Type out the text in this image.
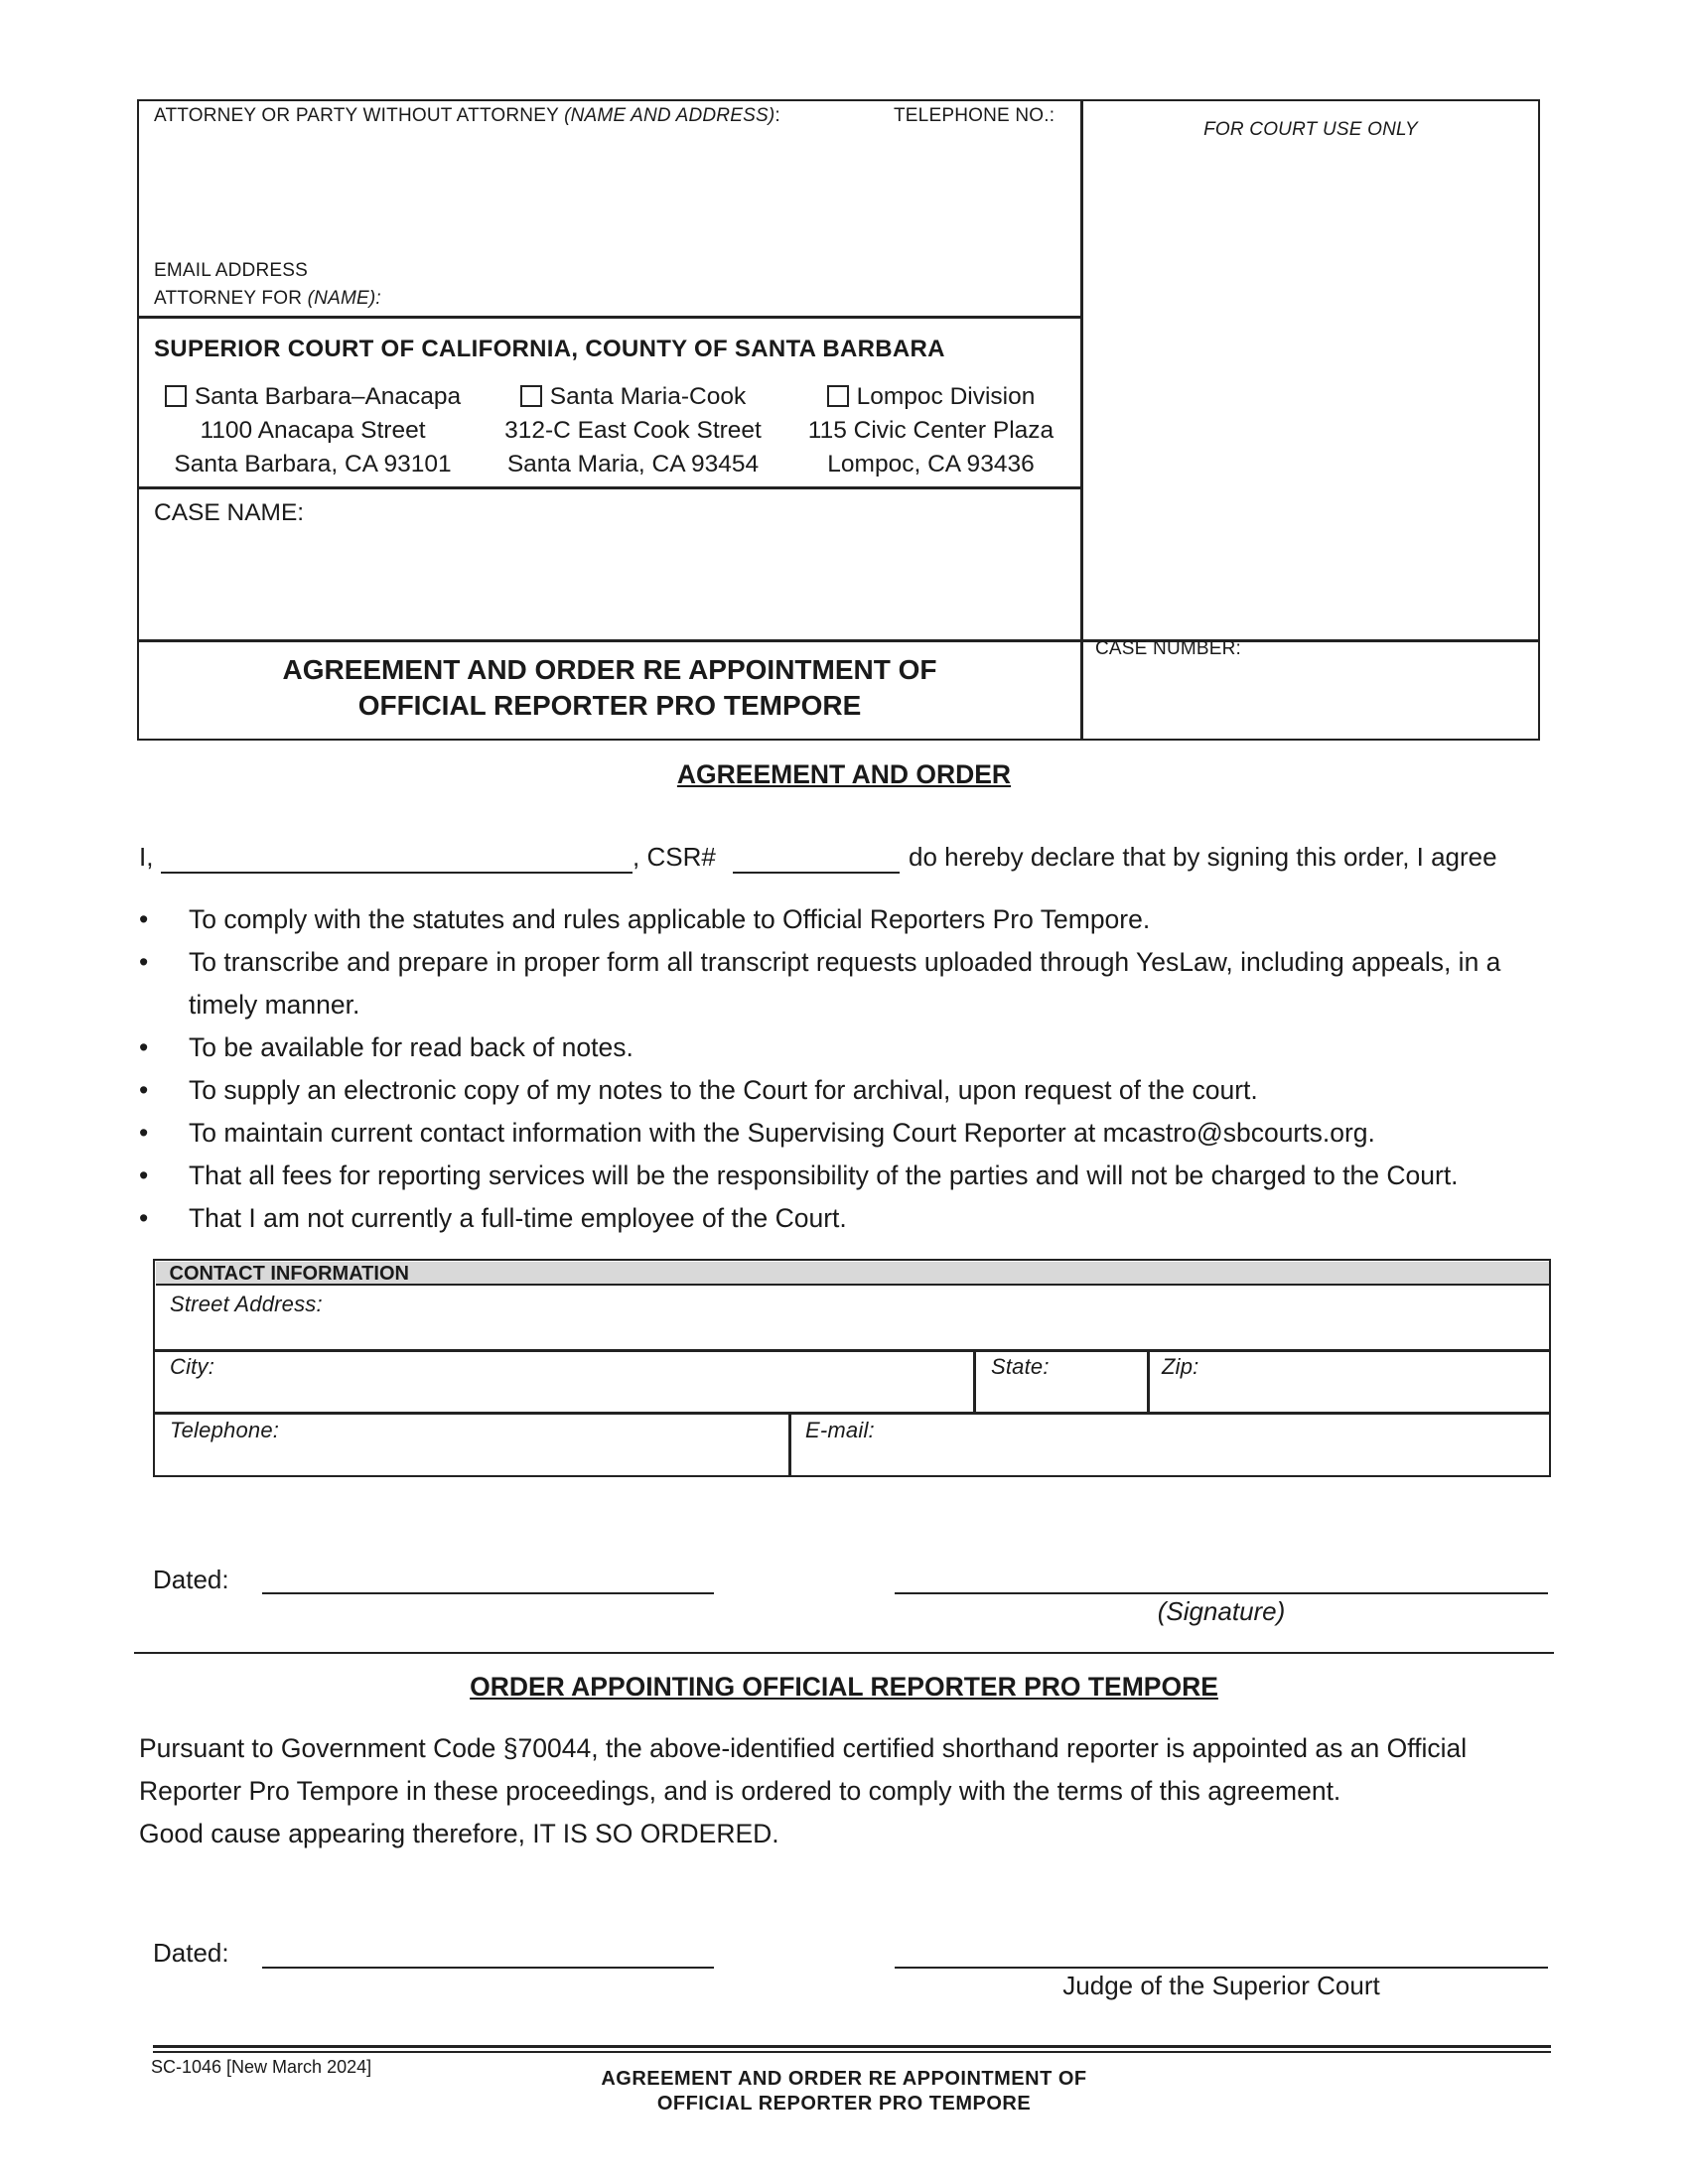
ATTORNEY OR PARTY WITHOUT ATTORNEY (NAME AND ADDRESS):	TELEPHONE NO.:
FOR COURT USE ONLY
EMAIL ADDRESS
ATTORNEY FOR (NAME):
SUPERIOR COURT OF CALIFORNIA, COUNTY OF SANTA BARBARA
Santa Barbara–Anacapa
1100 Anacapa Street
Santa Barbara, CA 93101
Santa Maria-Cook
312-C East Cook Street
Santa Maria, CA 93454
Lompoc Division
115 Civic Center Plaza
Lompoc, CA 93436
CASE NAME:
CASE NUMBER:
AGREEMENT AND ORDER RE APPOINTMENT OF
OFFICIAL REPORTER PRO TEMPORE
AGREEMENT AND ORDER
I,	, CSR#	do hereby declare that by signing this order, I agree
• To comply with the statutes and rules applicable to Official Reporters Pro Tempore.
• To transcribe and prepare in proper form all transcript requests uploaded through YesLaw, including appeals, in a timely manner.
• To be available for read back of notes.
• To supply an electronic copy of my notes to the Court for archival, upon request of the court.
• To maintain current contact information with the Supervising Court Reporter at mcastro@sbcourts.org.
• That all fees for reporting services will be the responsibility of the parties and will not be charged to the Court.
• That I am not currently a full-time employee of the Court.
CONTACT INFORMATION
Street Address:
City:	State:	Zip:
Telephone:	E-mail:
Dated:
(Signature)
ORDER APPOINTING OFFICIAL REPORTER PRO TEMPORE
Pursuant to Government Code §70044, the above-identified certified shorthand reporter is appointed as an Official
Reporter Pro Tempore in these proceedings, and is ordered to comply with the terms of this agreement.
Good cause appearing therefore, IT IS SO ORDERED.
Dated:
Judge of the Superior Court
SC-1046 [New March 2024]
AGREEMENT AND ORDER RE APPOINTMENT OF
OFFICIAL REPORTER PRO TEMPORE
